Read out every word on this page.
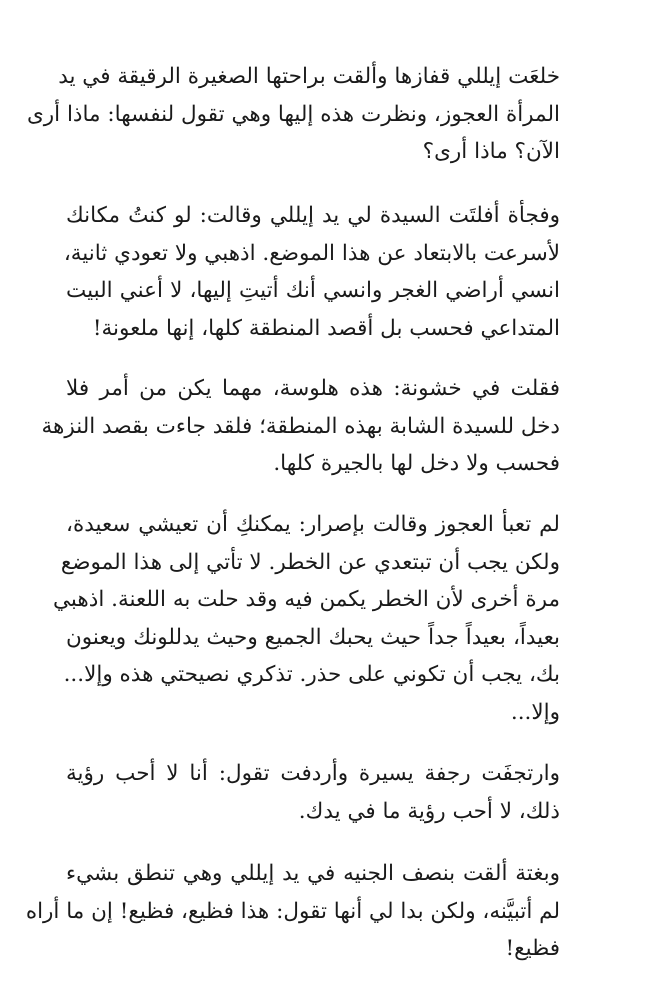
خلعَت إيللي قفازها وألقت براحتها الصغيرة الرقيقة في يد
المرأة العجوز، ونظرت هذه إليها وهي تقول لنفسها: ماذا أرى
الآن؟ ماذا أرى؟

وفجأة أفلتَت السيدة لي يد إيللي وقالت: لو كنتُ مكانك
لأسرعت بالابتعاد عن هذا الموضع. اذهبي ولا تعودي ثانية،
انسي أراضي الغجر وانسي أنك أتيتِ إليها، لا أعني البيت
المتداعي فحسب بل أقصد المنطقة كلها، إنها ملعونة!

فقلت في خشونة: هذه هلوسة، مهما يكن من أمر فلا
دخل للسيدة الشابة بهذه المنطقة؛ فلقد جاءت بقصد النزهة
فحسب ولا دخل لها بالجيرة كلها.

لم تعبأ العجوز وقالت بإصرار: يمكنكِ أن تعيشي سعيدة،
ولكن يجب أن تبتعدي عن الخطر. لا تأتي إلى هذا الموضع
مرة أخرى لأن الخطر يكمن فيه وقد حلت به اللعنة. اذهبي
بعيداً، بعيداً جداً حيث يحبك الجميع وحيث يدللونك ويعنون
بك، يجب أن تكوني على حذر. تذكري نصيحتي هذه وإلا...
وإلا...

وارتجفَت رجفة يسيرة وأردفت تقول: أنا لا أحب رؤية
ذلك، لا أحب رؤية ما في يدك.

وبغتة ألقت بنصف الجنيه في يد إيللي وهي تنطق بشيء
لم أتبيَّنه، ولكن بدا لي أنها تقول: هذا فظيع، فظيع! إن ما أراه
فظيع!
